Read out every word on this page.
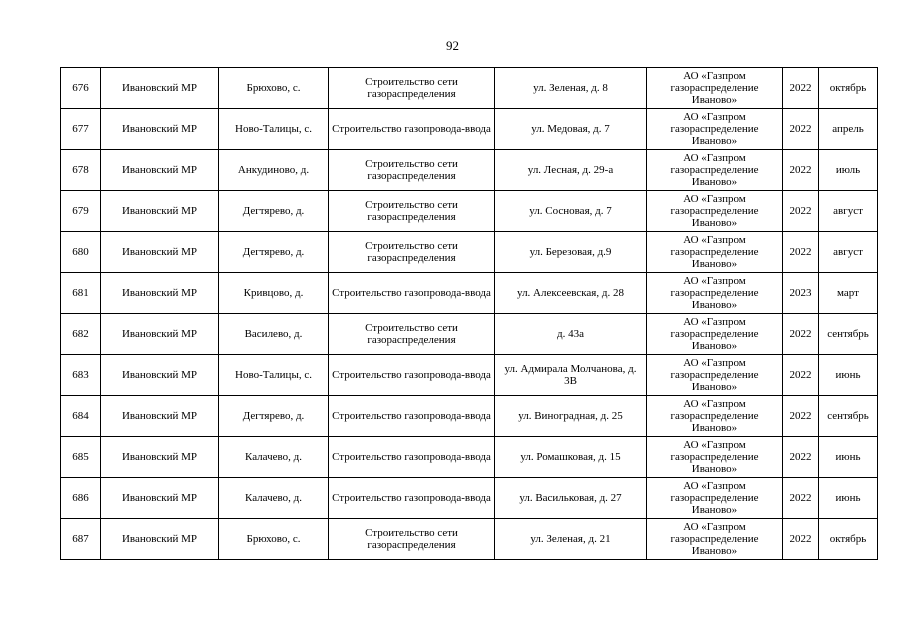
92
676	Ивановский МР	Брюхово, с.	Строительство сети газораспределения	ул. Зеленая, д. 8	АО «Газпром газораспределение Иваново»	2022	октябрь
677	Ивановский МР	Ново-Талицы, с.	Строительство газопровода-ввода	ул. Медовая, д. 7	АО «Газпром газораспределение Иваново»	2022	апрель
678	Ивановский МР	Анкудиново, д.	Строительство сети газораспределения	ул. Лесная, д. 29-а	АО «Газпром газораспределение Иваново»	2022	июль
679	Ивановский МР	Дегтярево, д.	Строительство сети газораспределения	ул. Сосновая, д. 7	АО «Газпром газораспределение Иваново»	2022	август
680	Ивановский МР	Дегтярево, д.	Строительство сети газораспределения	ул. Березовая, д.9	АО «Газпром газораспределение Иваново»	2022	август
681	Ивановский МР	Кривцово, д.	Строительство газопровода-ввода	ул. Алексеевская, д. 28	АО «Газпром газораспределение Иваново»	2023	март
682	Ивановский МР	Василево, д.	Строительство сети газораспределения	д. 43а	АО «Газпром газораспределение Иваново»	2022	сентябрь
683	Ивановский МР	Ново-Талицы, с.	Строительство газопровода-ввода	ул. Адмирала Молчанова, д. 3В	АО «Газпром газораспределение Иваново»	2022	июнь
684	Ивановский МР	Дегтярево, д.	Строительство газопровода-ввода	ул. Виноградная, д. 25	АО «Газпром газораспределение Иваново»	2022	сентябрь
685	Ивановский МР	Калачево, д.	Строительство газопровода-ввода	ул. Ромашковая, д. 15	АО «Газпром газораспределение Иваново»	2022	июнь
686	Ивановский МР	Калачево, д.	Строительство газопровода-ввода	ул. Васильковая, д. 27	АО «Газпром газораспределение Иваново»	2022	июнь
687	Ивановский МР	Брюхово, с.	Строительство сети газораспределения	ул. Зеленая, д. 21	АО «Газпром газораспределение Иваново»	2022	октябрь
